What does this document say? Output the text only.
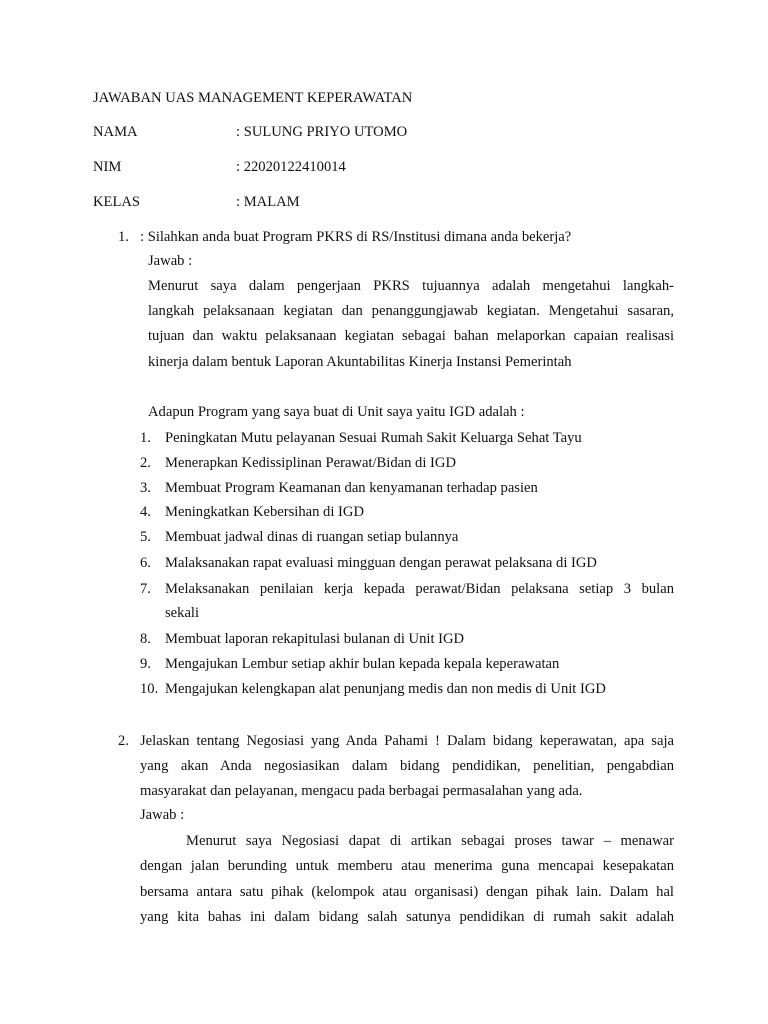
JAWABAN UAS MANAGEMENT KEPERAWATAN
NAMA	: SULUNG PRIYO UTOMO
NIM	: 22020122410014
KELAS	: MALAM
1. : Silahkan anda buat Program PKRS di RS/Institusi dimana anda bekerja?
Jawab :
Menurut saya dalam pengerjaan PKRS tujuannya adalah mengetahui langkah-
langkah pelaksanaan kegiatan dan penanggungjawab kegiatan. Mengetahui sasaran,
tujuan dan waktu pelaksanaan kegiatan sebagai bahan melaporkan capaian realisasi
kinerja dalam bentuk Laporan Akuntabilitas Kinerja Instansi Pemerintah
Adapun Program yang saya buat di Unit saya yaitu IGD adalah :
1. Peningkatan Mutu pelayanan Sesuai Rumah Sakit Keluarga Sehat Tayu
2. Menerapkan Kedissiplinan Perawat/Bidan di IGD
3. Membuat Program Keamanan dan kenyamanan terhadap pasien
4. Meningkatkan Kebersihan di IGD
5. Membuat jadwal dinas di ruangan setiap bulannya
6. Malaksanakan rapat evaluasi mingguan dengan perawat pelaksana di IGD
7. Melaksanakan penilaian kerja kepada perawat/Bidan pelaksana setiap 3 bulan
sekali
8. Membuat laporan rekapitulasi bulanan di Unit IGD
9. Mengajukan Lembur setiap akhir bulan kepada kepala keperawatan
10. Mengajukan kelengkapan alat penunjang medis dan non medis di Unit IGD
2. Jelaskan tentang Negosiasi yang Anda Pahami ! Dalam bidang keperawatan, apa saja
yang akan Anda negosiasikan dalam bidang pendidikan, penelitian, pengabdian
masyarakat dan pelayanan, mengacu pada berbagai permasalahan yang ada.
Jawab :
Menurut saya Negosiasi dapat di artikan sebagai proses tawar – menawar
dengan jalan berunding untuk memberu atau menerima guna mencapai kesepakatan
bersama antara satu pihak (kelompok atau organisasi) dengan pihak lain. Dalam hal
yang kita bahas ini dalam bidang salah satunya pendidikan di rumah sakit adalah
